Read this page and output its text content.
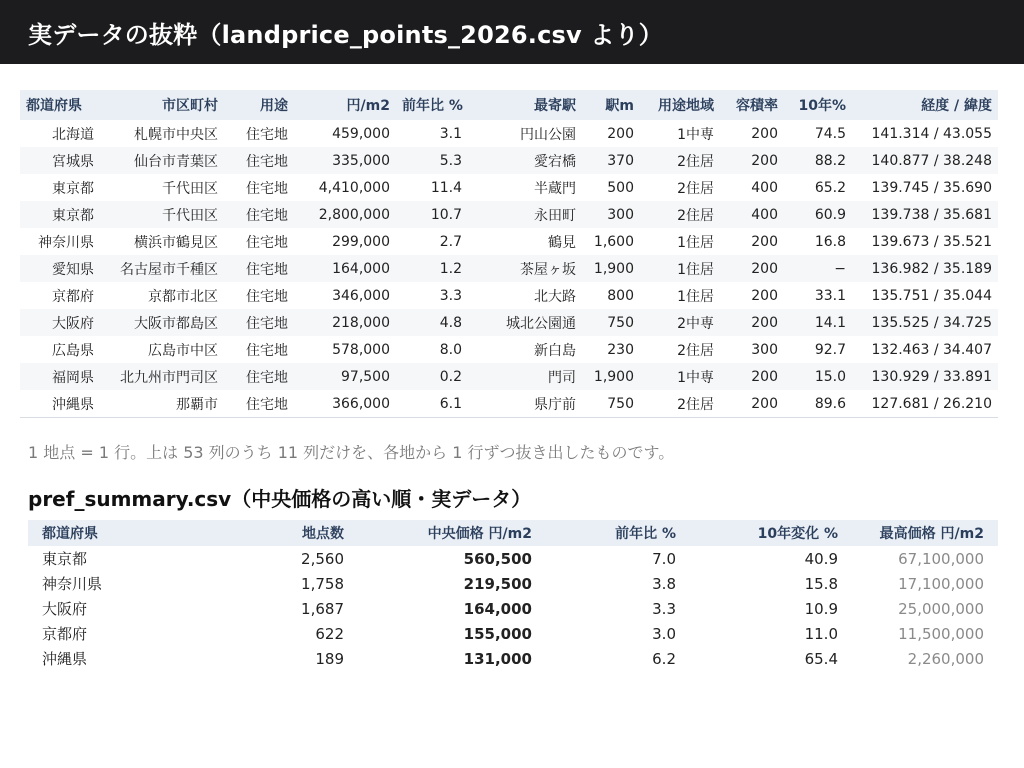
実データの抜粋（landprice_points_2026.csv より）
都道府県	市区町村	用途	円/m2	前年比 %	最寄駅	駅m	用途地域	容積率	10年%	経度 / 緯度
北海道	札幌市中央区	住宅地	459,000	3.1	円山公園	200	1中専	200	74.5	141.314 / 43.055
宮城県	仙台市青葉区	住宅地	335,000	5.3	愛宕橋	370	2住居	200	88.2	140.877 / 38.248
東京都	千代田区	住宅地	4,410,000	11.4	半蔵門	500	2住居	400	65.2	139.745 / 35.690
東京都	千代田区	住宅地	2,800,000	10.7	永田町	300	2住居	400	60.9	139.738 / 35.681
神奈川県	横浜市鶴見区	住宅地	299,000	2.7	鶴見	1,600	1住居	200	16.8	139.673 / 35.521
愛知県	名古屋市千種区	住宅地	164,000	1.2	茶屋ヶ坂	1,900	1住居	200	−	136.982 / 35.189
京都府	京都市北区	住宅地	346,000	3.3	北大路	800	1住居	200	33.1	135.751 / 35.044
大阪府	大阪市都島区	住宅地	218,000	4.8	城北公園通	750	2中専	200	14.1	135.525 / 34.725
広島県	広島市中区	住宅地	578,000	8.0	新白島	230	2住居	300	92.7	132.463 / 34.407
福岡県	北九州市門司区	住宅地	97,500	0.2	門司	1,900	1中専	200	15.0	130.929 / 33.891
沖縄県	那覇市	住宅地	366,000	6.1	県庁前	750	2住居	200	89.6	127.681 / 26.210

1 地点 = 1 行。上は 53 列のうち 11 列だけを、各地から 1 行ずつ抜き出したものです。

pref_summary.csv（中央価格の高い順・実データ）
都道府県	地点数	中央価格 円/m2	前年比 %	10年変化 %	最高価格 円/m2
東京都	2,560	560,500	7.0	40.9	67,100,000
神奈川県	1,758	219,500	3.8	15.8	17,100,000
大阪府	1,687	164,000	3.3	10.9	25,000,000
京都府	622	155,000	3.0	11.0	11,500,000
沖縄県	189	131,000	6.2	65.4	2,260,000
